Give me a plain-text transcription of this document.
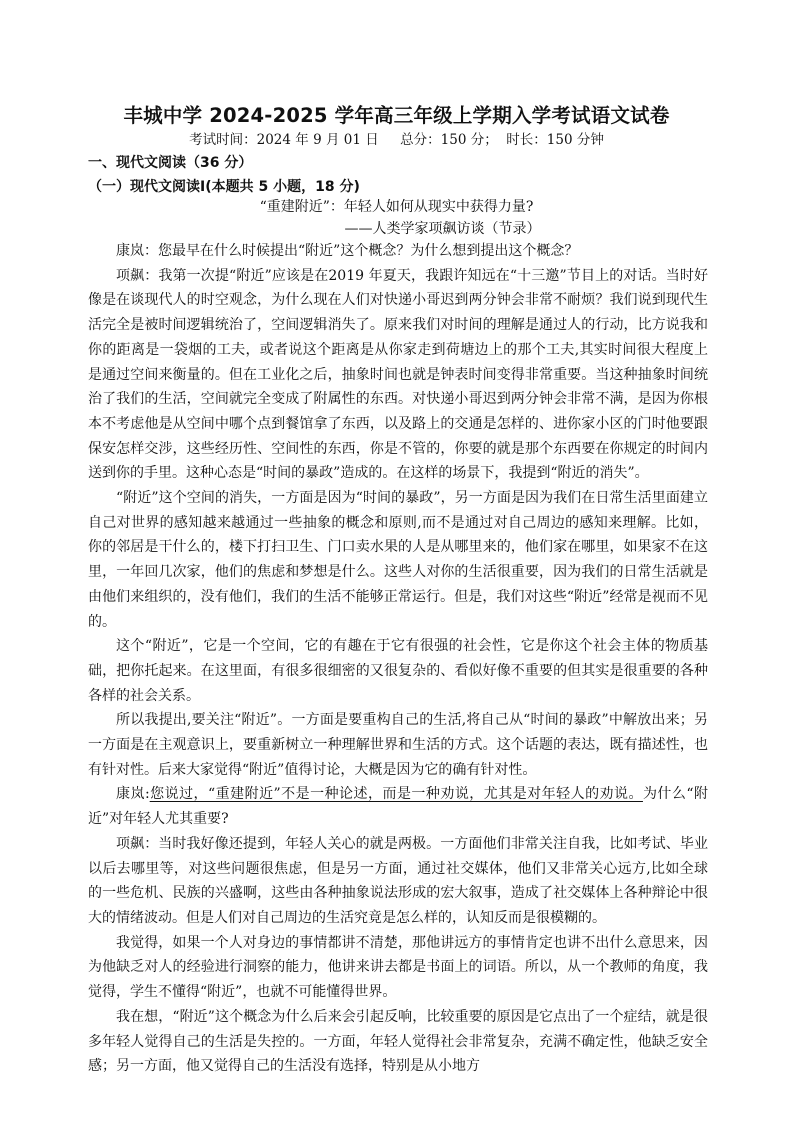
丰城中学 2024-2025 学年高三年级上学期入学考试语文试卷
考试时间：2024 年 9 月 01 日     总分：150 分；  时长：150 分钟
一、现代文阅读（36 分）
（一）现代文阅读Ⅰ(本题共 5 小题，18 分)
“重建附近”：年轻人如何从现实中获得力量?
——人类学家项飙访谈（节录）

康岚：您最早在什么时候提出“附近”这个概念？为什么想到提出这个概念？

项飙：我第一次提“附近”应该是在2019 年夏天，我跟许知远在“十三邀”节目上的对话。当时好像是在谈现代人的时空观念，为什么现在人们对快递小哥迟到两分钟会非常不耐烦？我们说到现代生活完全是被时间逻辑统治了，空间逻辑消失了。原来我们对时间的理解是通过人的行动，比方说我和你的距离是一袋烟的工夫，或者说这个距离是从你家走到荷塘边上的那个工夫,其实时间很大程度上是通过空间来衡量的。但在工业化之后，抽象时间也就是钟表时间变得非常重要。当这种抽象时间统治了我们的生活，空间就完全变成了附属性的东西。对快递小哥迟到两分钟会非常不满，是因为你根本不考虑他是从空间中哪个点到餐馆拿了东西，以及路上的交通是怎样的、进你家小区的门时他要跟保安怎样交涉，这些经历性、空间性的东西，你是不管的，你要的就是那个东西要在你规定的时间内送到你的手里。这种心态是“时间的暴政”造成的。在这样的场景下，我提到“附近的消失”。

“附近”这个空间的消失，一方面是因为“时间的暴政”，另一方面是因为我们在日常生活里面建立自己对世界的感知越来越通过一些抽象的概念和原则,而不是通过对自己周边的感知来理解。比如，你的邻居是干什么的，楼下打扫卫生、门口卖水果的人是从哪里来的，他们家在哪里，如果家不在这里，一年回几次家，他们的焦虑和梦想是什么。这些人对你的生活很重要，因为我们的日常生活就是由他们来组织的，没有他们，我们的生活不能够正常运行。但是，我们对这些“附近”经常是视而不见的。

这个“附近”，它是一个空间，它的有趣在于它有很强的社会性，它是你这个社会主体的物质基础，把你托起来。在这里面，有很多很细密的又很复杂的、看似好像不重要的但其实是很重要的各种各样的社会关系。

所以我提出,要关注“附近”。一方面是要重构自己的生活,将自己从“时间的暴政”中解放出来；另一方面是在主观意识上，要重新树立一种理解世界和生活的方式。这个话题的表达，既有描述性，也有针对性。后来大家觉得“附近”值得讨论，大概是因为它的确有针对性。

康岚:您说过，“重建附近”不是一种论述，而是一种劝说，尤其是对年轻人的劝说。为什么“附近”对年轻人尤其重要?

项飙：当时我好像还提到，年轻人关心的就是两极。一方面他们非常关注自我，比如考试、毕业以后去哪里等，对这些问题很焦虑，但是另一方面，通过社交媒体，他们又非常关心远方,比如全球的一些危机、民族的兴盛啊，这些由各种抽象说法形成的宏大叙事，造成了社交媒体上各种辩论中很大的情绪波动。但是人们对自己周边的生活究竟是怎么样的，认知反而是很模糊的。

我觉得，如果一个人对身边的事情都讲不清楚，那他讲远方的事情肯定也讲不出什么意思来，因为他缺乏对人的经验进行洞察的能力，他讲来讲去都是书面上的词语。所以，从一个教师的角度，我觉得，学生不懂得“附近”，也就不可能懂得世界。

我在想，“附近”这个概念为什么后来会引起反响，比较重要的原因是它点出了一个症结，就是很多年轻人觉得自己的生活是失控的。一方面，年轻人觉得社会非常复杂，充满不确定性，他缺乏安全感；另一方面，他又觉得自己的生活没有选择，特别是从小地方
